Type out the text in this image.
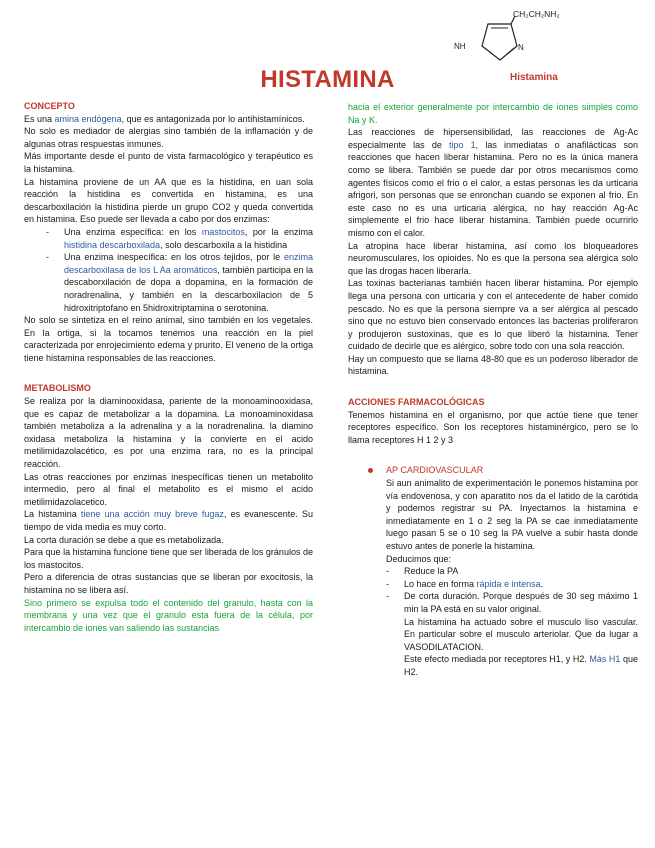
CH₂CH₂NH₂
NH	N
Histamina
HISTAMINA

CONCEPTO

Es una amina endógena, que es antagonizada por lo antihistamínicos.

No solo es mediador de alergias sino también de la inflamación y de algunas otras respuestas inmunes.

Más importante desde el punto de vista farmacológico y terapéutico es la histamina.

La histamina proviene de un AA que es la histidina, en uan sola reacción la histidina es convertida en histamina, es una descarboxilación la histidina pierde un grupo CO2 y queda convertida en histamina. Eso puede ser llevada a cabo por dos enzimas:

- Una enzima específica: en los mastocitos, por la enzima histidina descarboxilada, solo descarboxila a la histidina
- Una enzima inespecífica: en los otros tejidos, por le enzima descarboxilasa de los L Aa aromáticos, también participa en la descaborxilación de dopa a dopamina, en la formación de noradrenalina, y también en la descarboxilacion de 5 hidroxitriptofano en 5hidroxitriptamina o serotonina.

No solo se sintetiza en el reino animal, sino también en los vegetales. En la ortiga, si la tocamos tenemos una reacción en la piel caracterizada por enrojecimiento edema y prurito. El veneno de la ortiga tiene histamina responsables de las reacciones.

METABOLISMO

Se realiza por la diaminooxidasa, pariente de la monoaminooxidasa, que es capaz de metabolizar a la dopamina. La monoaminoxidasa también metaboliza a la adrenalina y a la noradrenalina. la diamino oxidasa metaboliza la histamina y la convierte en el acido metilimidazolacético, es por una enzima rara, no es la principal reacción.

Las otras reacciones por enzimas inespecíficas tienen un metabolito intermedio, pero al final el metabolito es el mismo el acido metilimidazolacetico.

La histamina tiene una acción muy breve fugaz, es evanescente. Su tiempo de vida media es muy corto.

La corta duración se debe a que es metabolizada.

Para que la histamina funcione tiene que ser liberada de los gránulos de los mastocitos.

Pero a diferencia de otras sustancias que se liberan por exocitosis, la histamina no se libera así.

Sino primero se expulsa todo el contenido del granulo, hasta con la membrana y una vez que el granulo esta fuera de la célula, por intercambio de iones van saliendo las sustancias

hacia el exterior generalmente por intercambio de iones simples como Na y K.

Las reacciones de hipersensibilidad, las reacciones de Ag-Ac especialmente las de tipo 1, las inmediatas o anafilácticas son reacciones que hacen liberar histamina. Pero no es la única manera como se libera. También se puede dar por otros mecanismos como agentes físicos como el frio o el calor, a estas personas les da urticaria afrigori, son personas que se enronchan cuando se exponen al frio. En este caso no es una urticaria alérgica, no hay reacción Ag-Ac simplemente el frio hace liberar histamina. También puede ocurrirlo mismo con el calor.

La atropina hace liberar histamina, así como los bloqueadores neuromusculares, los opioides. No es que la persona sea alérgica solo que las drogas hacen liberarla.

Las toxinas bacterianas también hacen liberar histamina. Por ejemplo llega una persona con urticaria y con el antecedente de haber comido pescado. No es que la persona siempre va a ser alérgica al pescado sino que no estuvo bien conservado entonces las bacterias proliferaron y produjeron sustoxinas, que es lo que liberó la histamina. Tener cuidado de decirle que es alérgico, sobre todo con una sola reacción.

Hay un compuesto que se llama 48-80 que es un poderoso liberador de histamina.

ACCIONES FARMACOLÓGICAS

Tenemos histamina en el organismo, por que actúe tiene que tener receptores específico. Son los receptores histaminérgico, pero se lo llama receptores H 1 2 y 3

AP CARDIOVASCULAR

Si aun animalito de experimentación le ponemos histamina por vía endovenosa, y con aparatito nos da el latido de la carótida y podemos registrar su PA. Inyectamos la histamina e inmediatamente en 1 o 2 seg la PA se cae inmediatamente luego pasan 5 se o 10 seg la PA vuelve a subir hasta donde estuvo antes de ponerle la histamina.

Deducimos que:

- Reduce la PA
- Lo hace en forma rápida e intensa.
- De corta duración. Porque después de 30 seg máximo 1 min la PA está en su valor original.

La histamina ha actuado sobre el musculo liso vascular. En particular sobre el musculo arteriolar. Que da lugar a VASODILATACION.

Este efecto mediada por receptores H1, y H2. Más H1 que H2.
